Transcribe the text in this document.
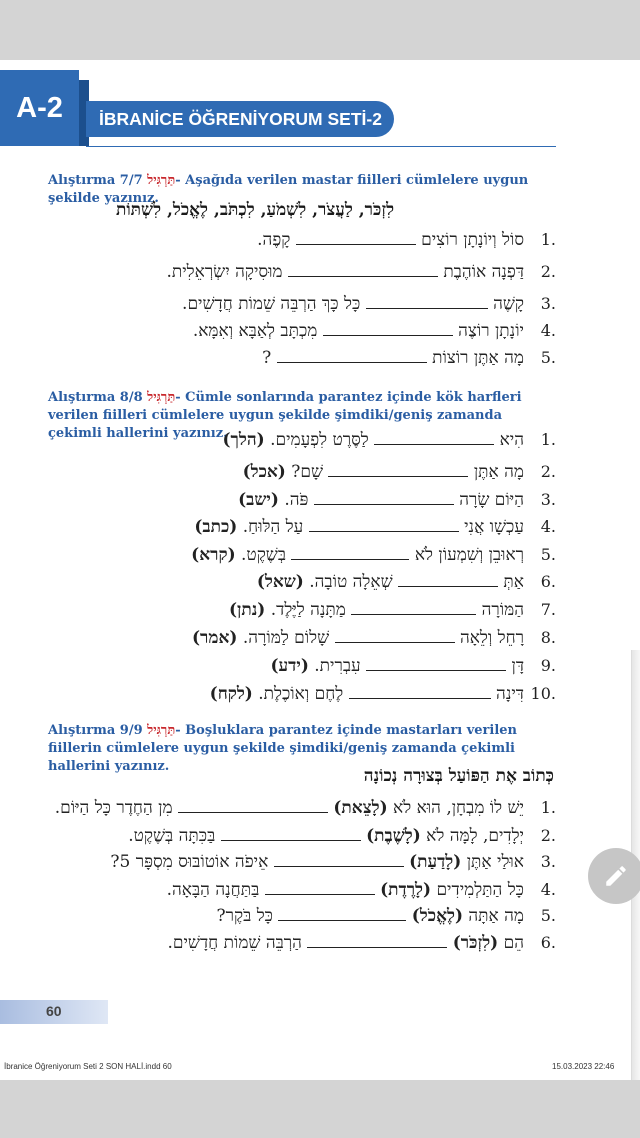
A-2	İBRANİCE ÖĞRENİYORUM SETİ-2
Alıştırma 7/7 תַּרְגִּיל- Aşağıda verilen mastar fiilleri cümlelere uygun şekilde yazınız.
לִזְכֹּר, לַעֲצֹר, לִשְׁמֹעַ, לִכְתֹּב, לֶאֱכֹל, לִשְׁתּוֹת
1.
סוֹל וְיוֹנָתָן רוֹצִים  קָפֶה.
2.
דַּפְנָה אוֹהֶבֶת  מוּסִיקָה יִשְׂרְאֵלִית.
3.
קָשֶׁה  כָּל כָּךְ הַרְבֵּה שֵׁמוֹת חֲדָשִׁים.
4.
יוֹנָתָן רוֹצֶה  מִכְתָּב לְאַבָּא וְאִמָּא.
5.
מָה אַתֶּן רוֹצוֹת  ?
Alıştırma 8/8 תַּרְגִּיל- Cümle sonlarında parantez içinde kök harfleri verilen fiilleri cümlelere uygun şekilde şimdiki/geniş zamanda çekimli hallerini yazınız.	1.
הִיא  לַסֶּרֶט לִפְעָמִים. (הלך)
2.
מָה אַתֶּן  שָׁם? (אכל)
3.
הַיּוֹם שָׂרָה  פֹּה. (ישב)
4.
עַכְשָׁו אֲנִי  עַל הַלּוּחַ. (כתב)
5.
רְאוּבֵן וְשִׁמְעוֹן לֹא  בְּשֶׁקֶט. (קרא)
6.
אַתְּ  שְׁאֵלָה טוֹבָה. (שאל)
7.
הַמּוֹרָה  מַתָּנָה לַיֶּלֶד. (נתן)
8.
רָחֵל וְלֵאָה  שָׁלוֹם לַמּוֹרָה. (אמר)
9.
דָּן  עִבְרִית. (ידע)
10.
דִּינָה  לֶחֶם וְאוֹכֶלֶת. (לקח)
Alıştırma 9/9 תַּרְגִּיל- Boşluklara parantez içinde mastarları verilen fiillerin cümlelere uygun şekilde şimdiki/geniş zamanda çekimli hallerini yazınız.	כְּתוֹב אֶת הַפּוֹעַל בְּצוּרָה נְכוֹנָה
1.
יֵשׁ לוֹ מִבְחָן, הוּא לֹא (לָצֵאת)  מִן הַחֶדֶר כָּל הַיּוֹם.
2.
יְלָדִים, לָמָּה לֹא (לָשֶׁבֶת)  בַּכִּתָּה בְּשֶׁקֶט.
3.
אוּלַי אַתֶּן (לָדַעַת)  אֵיפֹה אוֹטוֹבּוּס מִסְפָּר 5?
4.
כָּל הַתַּלְמִידִים (לָרֶדֶת)  בַּתַּחֲנָה הַבָּאָה.
5.
מָה אַתָּה (לֶאֱכֹל)  כָּל בֹּקֶר?
6.
הֵם (לִזְכֹּר)  הַרְבֵּה שֵׁמוֹת חֲדָשִׁים.
60
İbranice Öğreniyorum Seti 2 SON HALİ.indd 60	15.03.2023 22:46
